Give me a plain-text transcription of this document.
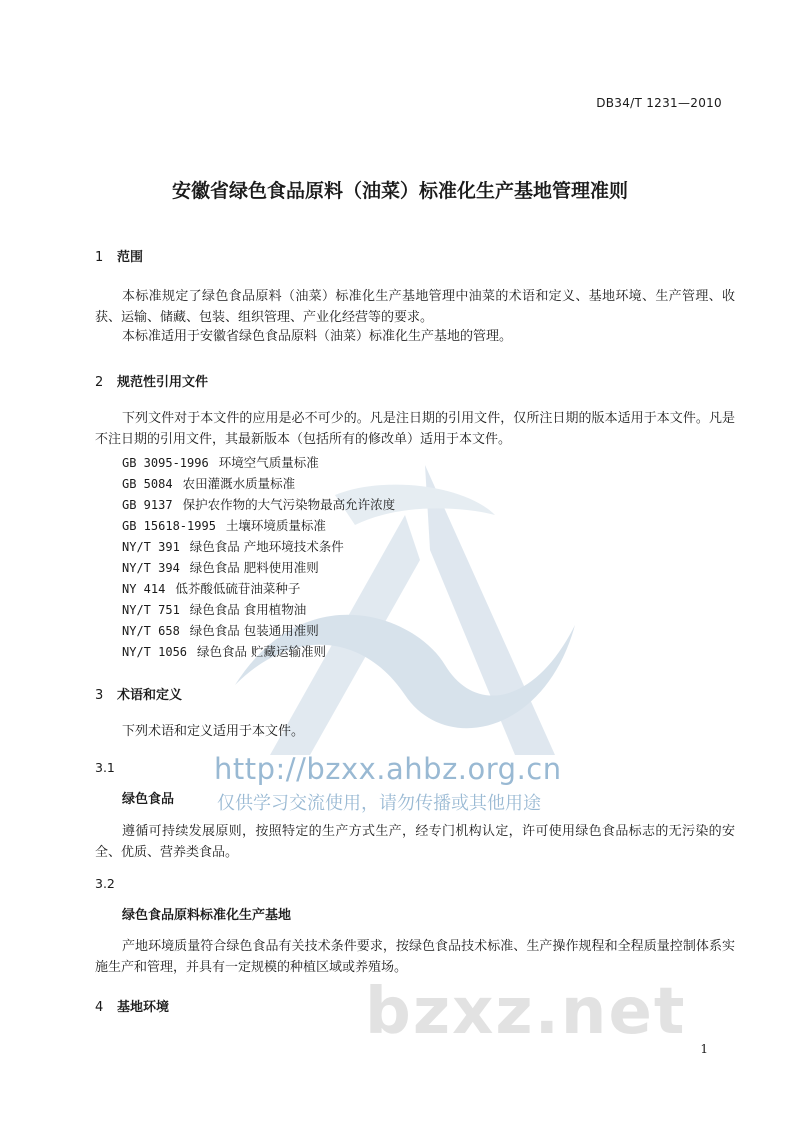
DB34/T 1231—2010
安徽省绿色食品原料（油菜）标准化生产基地管理准则
1 范围
本标准规定了绿色食品原料（油菜）标准化生产基地管理中油菜的术语和定义、基地环境、生产管理、收获、运输、储藏、包装、组织管理、产业化经营等的要求。
本标准适用于安徽省绿色食品原料（油菜）标准化生产基地的管理。
2 规范性引用文件
下列文件对于本文件的应用是必不可少的。凡是注日期的引用文件，仅所注日期的版本适用于本文件。凡是不注日期的引用文件，其最新版本（包括所有的修改单）适用于本文件。
GB 3095-1996 环境空气质量标准
GB 5084 农田灌溉水质量标准
GB 9137 保护农作物的大气污染物最高允许浓度
GB 15618-1995 土壤环境质量标准
NY/T 391 绿色食品 产地环境技术条件
NY/T 394 绿色食品 肥料使用准则
NY 414 低芥酸低硫苷油菜种子
NY/T 751 绿色食品 食用植物油
NY/T 658 绿色食品 包装通用准则
NY/T 1056 绿色食品 贮藏运输准则
3 术语和定义
下列术语和定义适用于本文件。
3.1
绿色食品
遵循可持续发展原则，按照特定的生产方式生产，经专门机构认定，许可使用绿色食品标志的无污染的安全、优质、营养类食品。
3.2
绿色食品原料标准化生产基地
产地环境质量符合绿色食品有关技术条件要求，按绿色食品技术标准、生产操作规程和全程质量控制体系实施生产和管理，并具有一定规模的种植区域或养殖场。
4 基地环境
http://bzxx.ahbz.org.cn
仅供学习交流使用，请勿传播或其他用途
bzxz.net 1
